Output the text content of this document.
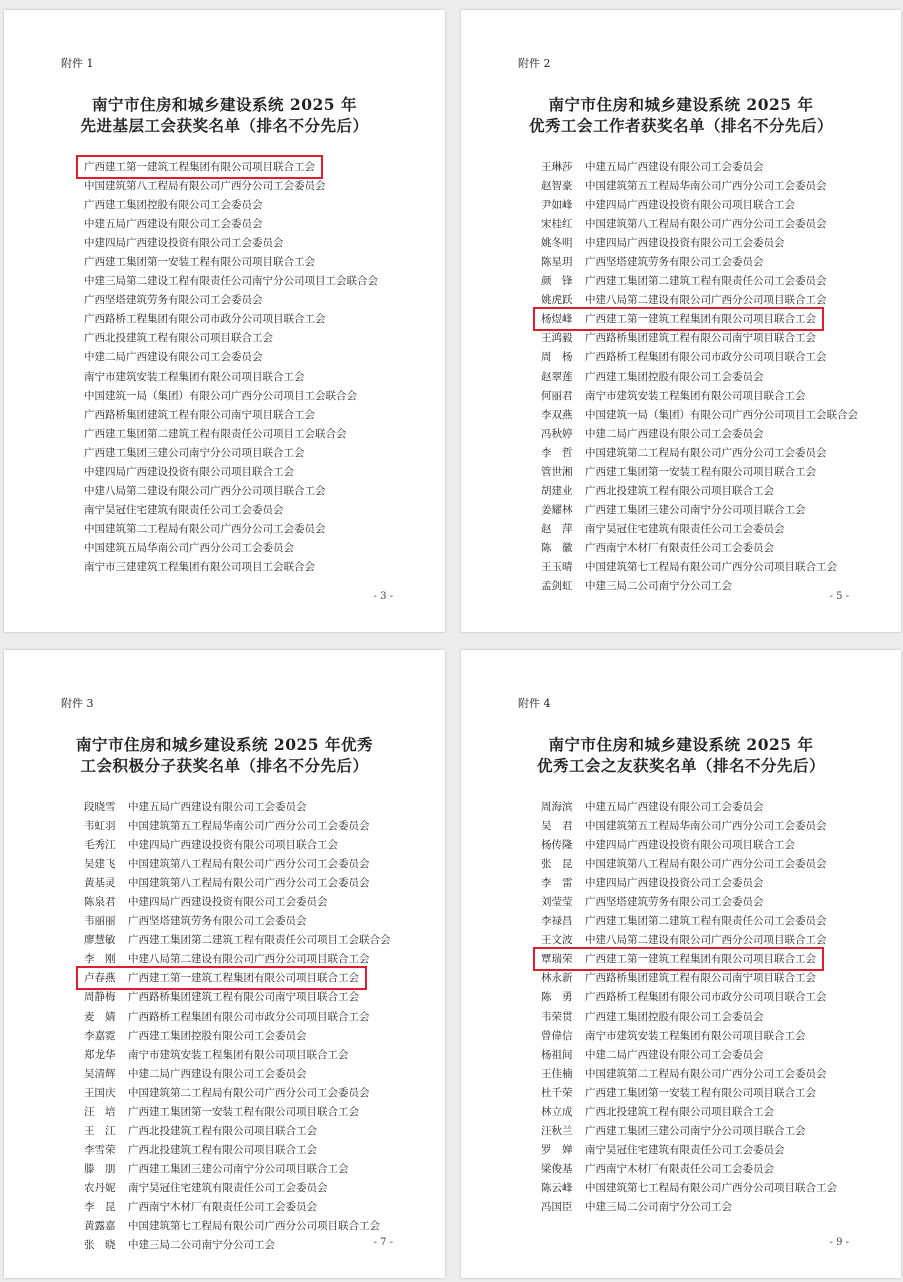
附件 1
南宁市住房和城乡建设系统 2025 年
先进基层工会获奖名单（排名不分先后）
广西建工第一建筑工程集团有限公司项目联合工会
中国建筑第八工程局有限公司广西分公司工会委员会
广西建工集团控股有限公司工会委员会
中建五局广西建设有限公司工会委员会
中建四局广西建设投资有限公司工会委员会
广西建工集团第一安装工程有限公司项目联合工会
中建三局第二建设工程有限责任公司南宁分公司项目工会联合会
广西坚塔建筑劳务有限公司工会委员会
广西路桥工程集团有限公司市政分公司项目联合工会
广西北投建筑工程有限公司项目联合工会
中建二局广西建设有限公司工会委员会
南宁市建筑安装工程集团有限公司项目联合工会
中国建筑一局（集团）有限公司广西分公司项目工会联合会
广西路桥集团建筑工程有限公司南宁项目联合工会
广西建工集团第二建筑工程有限责任公司项目工会联合会
广西建工集团三建公司南宁分公司项目联合工会
中建四局广西建设投资有限公司项目联合工会
中建八局第二建设有限公司广西分公司项目联合工会
南宁昊冠住宅建筑有限责任公司工会委员会
中国建筑第二工程局有限公司广西分公司工会委员会
中国建筑五局华南公司广西分公司工会委员会
南宁市三建建筑工程集团有限公司项目工会联合会
- 3 -
附件 2
南宁市住房和城乡建设系统 2025 年
优秀工会工作者获奖名单（排名不分先后）
王琳莎 中建五局广西建设有限公司工会委员会
赵智豪 中国建筑第五工程局华南公司广西分公司工会委员会
尹如峰 中建四局广西建设投资有限公司项目联合工会
宋桂红 中国建筑第八工程局有限公司广西分公司工会委员会
姚冬明 中建四局广西建设投资有限公司工会委员会
陈星玥 广西坚塔建筑劳务有限公司工会委员会
颜　锋 广西建工集团第二建筑工程有限责任公司工会委员会
姚虎跃 中建八局第二建设有限公司广西分公司项目联合工会
杨煜峰 广西建工第一建筑工程集团有限公司项目联合工会
王鸿毅 广西路桥集团建筑工程有限公司南宁项目联合工会
周　杨 广西路桥工程集团有限公司市政分公司项目联合工会
赵翠莲 广西建工集团控股有限公司工会委员会
何丽君 南宁市建筑安装工程集团有限公司项目联合工会
李双燕 中国建筑一局（集团）有限公司广西分公司项目工会联合会
冯秋婷 中建二局广西建设有限公司工会委员会
李　哲 中国建筑第二工程局有限公司广西分公司工会委员会
管世湘 广西建工集团第一安装工程有限公司项目联合工会
胡建业 广西北投建筑工程有限公司项目联合工会
姜耀林 广西建工集团三建公司南宁分公司项目联合工会
赵　萍 南宁昊冠住宅建筑有限责任公司工会委员会
陈　徽 广西南宁木材厂有限责任公司工会委员会
王玉晴 中国建筑第七工程局有限公司广西分公司项目联合工会
孟剑虹 中建三局二公司南宁分公司工会
- 5 -
附件 3
南宁市住房和城乡建设系统 2025 年优秀
工会积极分子获奖名单（排名不分先后）
段晓雪 中建五局广西建设有限公司工会委员会
韦虹羽 中国建筑第五工程局华南公司广西分公司工会委员会
毛秀江 中建四局广西建设投资有限公司项目联合工会
吴建飞 中国建筑第八工程局有限公司广西分公司工会委员会
黄基灵 中国建筑第八工程局有限公司广西分公司工会委员会
陈泉君 中建四局广西建设投资有限公司工会委员会
韦丽丽 广西坚塔建筑劳务有限公司工会委员会
廖慧敏 广西建工集团第二建筑工程有限责任公司项目工会联合会
李　刚 中建八局第二建设有限公司广西分公司项目联合工会
卢春燕 广西建工第一建筑工程集团有限公司项目联合工会
周静梅 广西路桥集团建筑工程有限公司南宁项目联合工会
麦　婧 广西路桥工程集团有限公司市政分公司项目联合工会
李嘉霓 广西建工集团控股有限公司工会委员会
郑龙华 南宁市建筑安装工程集团有限公司项目联合工会
吴清辉 中建二局广西建设有限公司工会委员会
王国庆 中国建筑第二工程局有限公司广西分公司工会委员会
汪　培 广西建工集团第一安装工程有限公司项目联合工会
王　江 广西北投建筑工程有限公司项目联合工会
李雪荣 广西北投建筑工程有限公司项目联合工会
滕　朋 广西建工集团三建公司南宁分公司项目联合工会
农丹妮 南宁昊冠住宅建筑有限责任公司工会委员会
李　昆 广西南宁木材厂有限责任公司工会委员会
黄露嘉 中国建筑第七工程局有限公司广西分公司项目联合工会
张　晓 中建三局二公司南宁分公司工会	- 7 -
附件 4
南宁市住房和城乡建设系统 2025 年
优秀工会之友获奖名单（排名不分先后）
周海滨 中建五局广西建设有限公司工会委员会
吴　君 中国建筑第五工程局华南公司广西分公司工会委员会
杨传隆 中建四局广西建设投资有限公司项目联合工会
张　昆 中国建筑第八工程局有限公司广西分公司工会委员会
李　雷 中建四局广西建设投资公司工会委员会
刘莹莹 广西坚塔建筑劳务有限公司工会委员会
李禄昌 广西建工集团第二建筑工程有限责任公司工会委员会
王文波 中建八局第二建设有限公司广西分公司项目联合工会
覃瑞荣 广西建工第一建筑工程集团有限公司项目联合工会
林永新 广西路桥集团建筑工程有限公司南宁项目联合工会
陈　勇 广西路桥工程集团有限公司市政分公司项目联合工会
韦荣贯 广西建工集团控股有限公司工会委员会
曾偉信 南宁市建筑安装工程集团有限公司项目联合工会
杨祖间 中建二局广西建设有限公司工会委员会
王佳楠 中国建筑第二工程局有限公司广西分公司工会委员会
杜千荣 广西建工集团第一安装工程有限公司项目联合工会
林立成 广西北投建筑工程有限公司项目联合工会
汪秋兰 广西建工集团三建公司南宁分公司项目联合工会
罗　婵 南宁昊冠住宅建筑有限责任公司工会委员会
梁俊基 广西南宁木材厂有限责任公司工会委员会
陈云峰 中国建筑第七工程局有限公司广西分公司项目联合工会
冯国臣 中建三局二公司南宁分公司工会
- 9 -
